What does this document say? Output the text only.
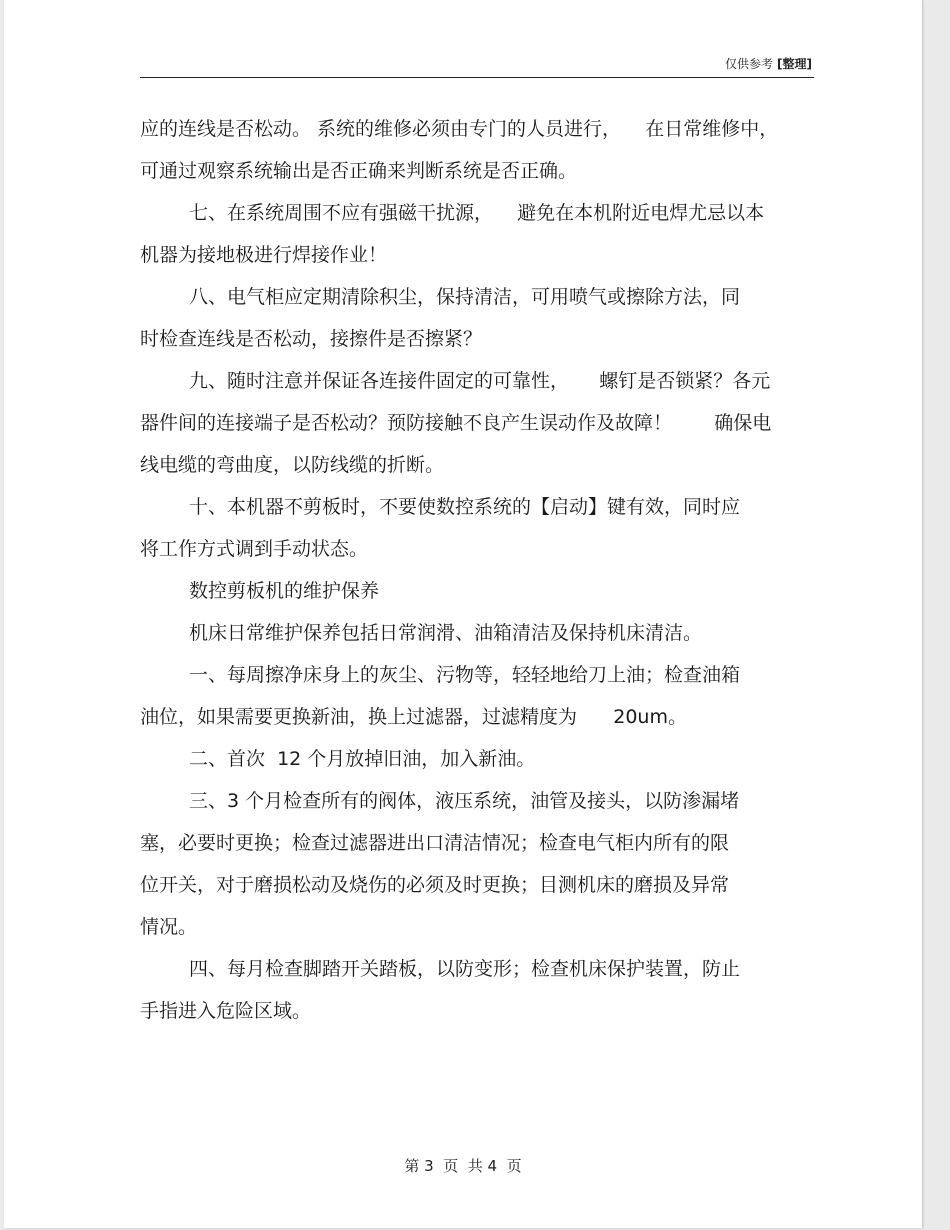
仅供参考 [整理]
应的连线是否松动。 系统的维修必须由专门的人员进行，    在日常维修中，
可通过观察系统输出是否正确来判断系统是否正确。
七、在系统周围不应有强磁干扰源，    避免在本机附近电焊尤忌以本
机器为接地极进行焊接作业！
八、电气柜应定期清除积尘，保持清洁，可用喷气或擦除方法，同
时检查连线是否松动，接擦件是否擦紧？
九、随时注意并保证各连接件固定的可靠性，     螺钉是否锁紧？各元
器件间的连接端子是否松动？预防接触不良产生误动作及故障！       确保电
线电缆的弯曲度，以防线缆的折断。
十、本机器不剪板时，不要使数控系统的【启动】键有效，同时应
将工作方式调到手动状态。
数控剪板机的维护保养
机床日常维护保养包括日常润滑、油箱清洁及保持机床清洁。
一、每周擦净床身上的灰尘、污物等，轻轻地给刀上油；检查油箱
油位，如果需要更换新油，换上过滤器，过滤精度为      20um。
二、首次  12 个月放掉旧油，加入新油。
三、3 个月检查所有的阀体，液压系统，油管及接头，以防渗漏堵
塞，必要时更换；检查过滤器进出口清洁情况；检查电气柜内所有的限
位开关，对于磨损松动及烧伤的必须及时更换；目测机床的磨损及异常
情况。
四、每月检查脚踏开关踏板，以防变形；检查机床保护装置，防止
手指进入危险区域。
第 3  页  共 4  页
